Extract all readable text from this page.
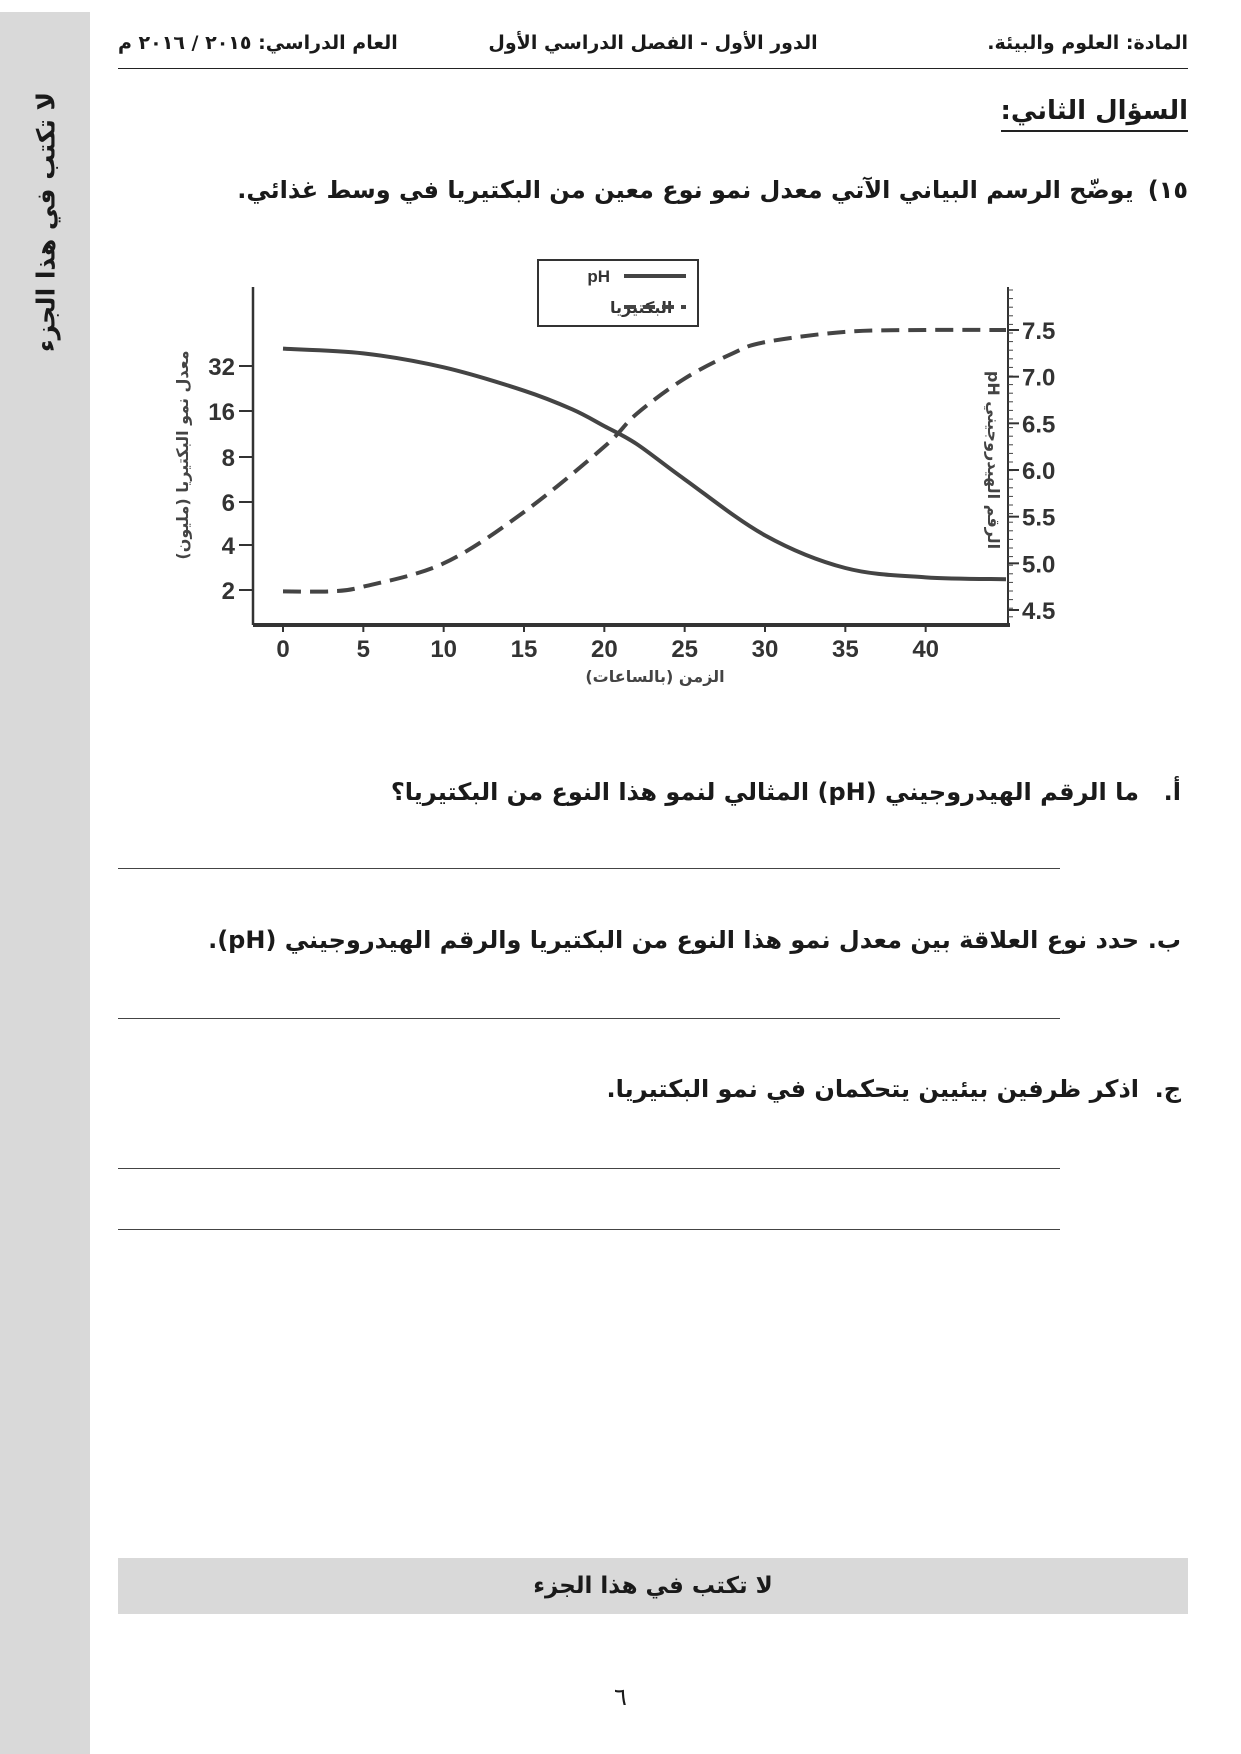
لا تكتب في هذا الجزء
المادة: العلوم والبيئة.
الدور الأول - الفصل الدراسي الأول
العام الدراسي: ٢٠١٥ / ٢٠١٦ م
السؤال الثاني:
١٥)يوضّح الرسم البياني الآتي معدل نمو نوع معين من البكتيريا في وسط غذائي.
0	5	10 15 20 25 30 35 40
2
4
6
8
16
32
4.5
5.0
5.5
6.0
6.5
7.0
7.5
pH
البكتيريا
معدل نمو البكتيريا (مليون)	الرقم الهيدروجيني pH
الزمن (بالساعات)
أ.ما الرقم الهيدروجيني (pH) المثالي لنمو هذا النوع من البكتيريا؟
ب.حدد نوع العلاقة بين معدل نمو هذا النوع من البكتيريا والرقم الهيدروجيني (pH).
ج.اذكر ظرفين بيئيين يتحكمان في نمو البكتيريا.
لا تكتب في هذا الجزء
٦
